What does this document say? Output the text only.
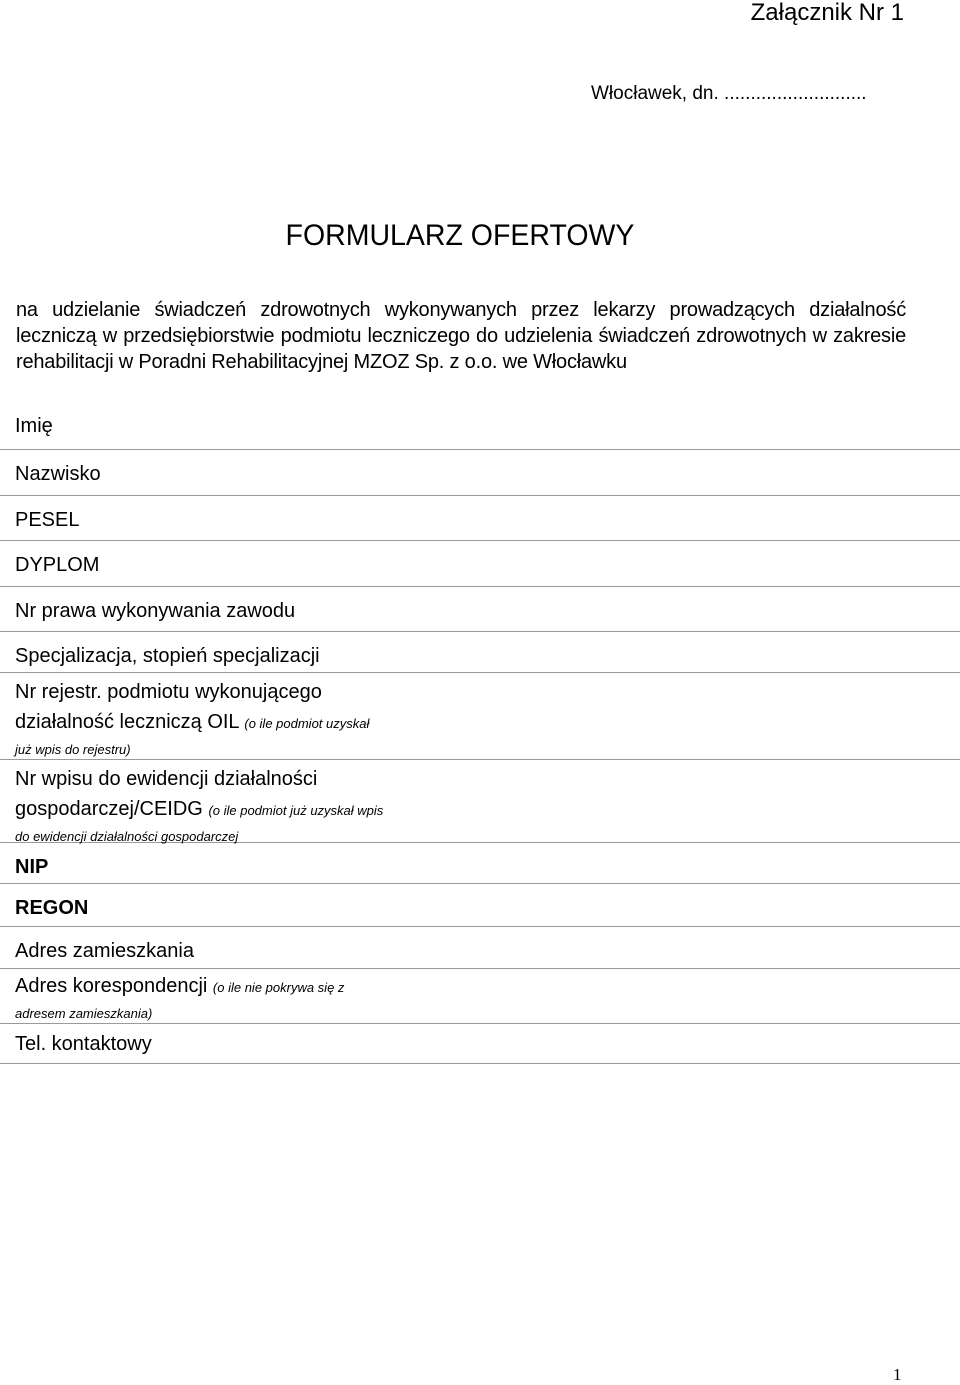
Załącznik Nr 1
Włocławek, dn. ...........................
FORMULARZ OFERTOWY
na udzielanie świadczeń zdrowotnych wykonywanych przez lekarzy prowadzących działalność leczniczą w przedsiębiorstwie podmiotu leczniczego do udzielenia świadczeń zdrowotnych w zakresie rehabilitacji w Poradni Rehabilitacyjnej MZOZ Sp. z o.o. we Włocławku
Imię
Nazwisko
PESEL
DYPLOM
Nr prawa wykonywania zawodu
Specjalizacja, stopień specjalizacji
Nr rejestr. podmiotu wykonującego
działalność leczniczą OIL (o ile podmiot uzyskał
już wpis do rejestru)
Nr wpisu do ewidencji działalności
gospodarczej/CEIDG (o ile podmiot już uzyskał wpis
do ewidencji działalności gospodarczej
NIP
REGON
Adres zamieszkania
Adres korespondencji (o ile nie pokrywa się z
adresem zamieszkania)
Tel. kontaktowy
1
